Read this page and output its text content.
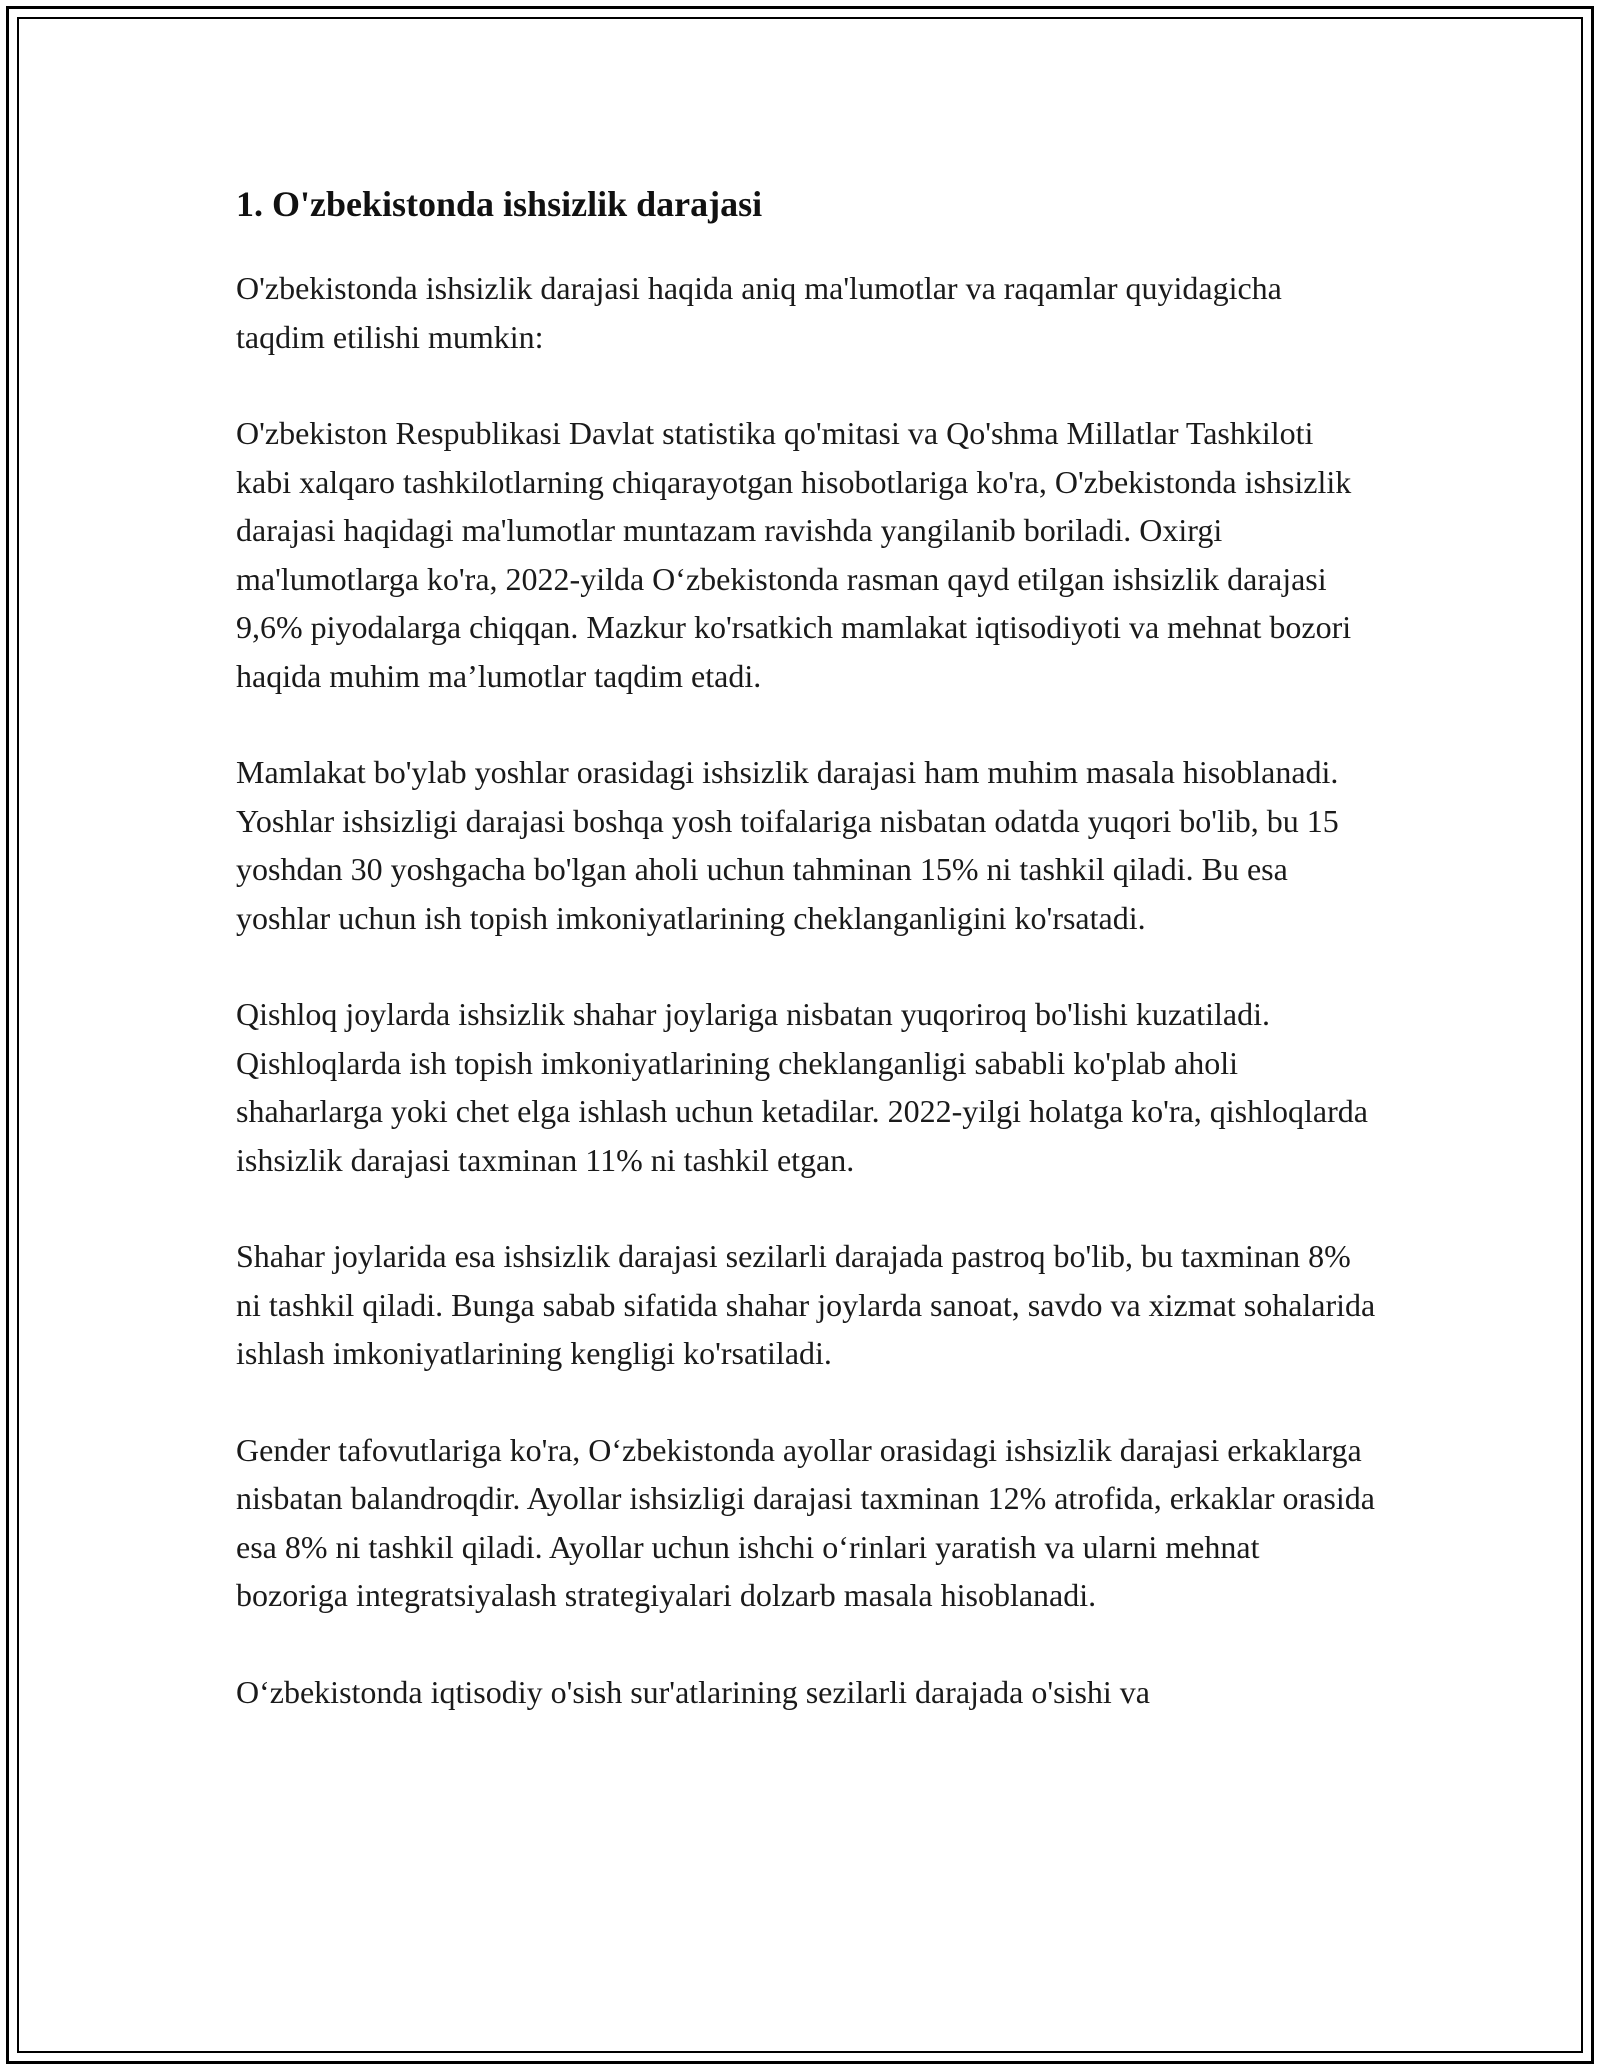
1. O'zbekistonda ishsizlik darajasi

O'zbekistonda ishsizlik darajasi haqida aniq ma'lumotlar va raqamlar quyidagicha taqdim etilishi mumkin:

O'zbekiston Respublikasi Davlat statistika qo'mitasi va Qo'shma Millatlar Tashkiloti kabi xalqaro tashkilotlarning chiqarayotgan hisobotlariga ko'ra, O'zbekistonda ishsizlik darajasi haqidagi ma'lumotlar muntazam ravishda yangilanib boriladi. Oxirgi ma'lumotlarga ko'ra, 2022-yilda O‘zbekistonda rasman qayd etilgan ishsizlik darajasi 9,6% piyodalarga chiqqan. Mazkur ko'rsatkich mamlakat iqtisodiyoti va mehnat bozori haqida muhim ma’lumotlar taqdim etadi.

Mamlakat bo'ylab yoshlar orasidagi ishsizlik darajasi ham muhim masala hisoblanadi. Yoshlar ishsizligi darajasi boshqa yosh toifalariga nisbatan odatda yuqori bo'lib, bu 15 yoshdan 30 yoshgacha bo'lgan aholi uchun tahminan 15% ni tashkil qiladi. Bu esa yoshlar uchun ish topish imkoniyatlarining cheklanganligini ko'rsatadi.

Qishloq joylarda ishsizlik shahar joylariga nisbatan yuqoriroq bo'lishi kuzatiladi. Qishloqlarda ish topish imkoniyatlarining cheklanganligi sababli ko'plab aholi shaharlarga yoki chet elga ishlash uchun ketadilar. 2022-yilgi holatga ko'ra, qishloqlarda ishsizlik darajasi taxminan 11% ni tashkil etgan.

Shahar joylarida esa ishsizlik darajasi sezilarli darajada pastroq bo'lib, bu taxminan 8% ni tashkil qiladi. Bunga sabab sifatida shahar joylarda sanoat, savdo va xizmat sohalarida ishlash imkoniyatlarining kengligi ko'rsatiladi.

Gender tafovutlariga ko'ra, O‘zbekistonda ayollar orasidagi ishsizlik darajasi erkaklarga nisbatan balandroqdir. Ayollar ishsizligi darajasi taxminan 12% atrofida, erkaklar orasida esa 8% ni tashkil qiladi. Ayollar uchun ishchi o‘rinlari yaratish va ularni mehnat bozoriga integratsiyalash strategiyalari dolzarb masala hisoblanadi.

O‘zbekistonda iqtisodiy o'sish sur'atlarining sezilarli darajada o'sishi va
